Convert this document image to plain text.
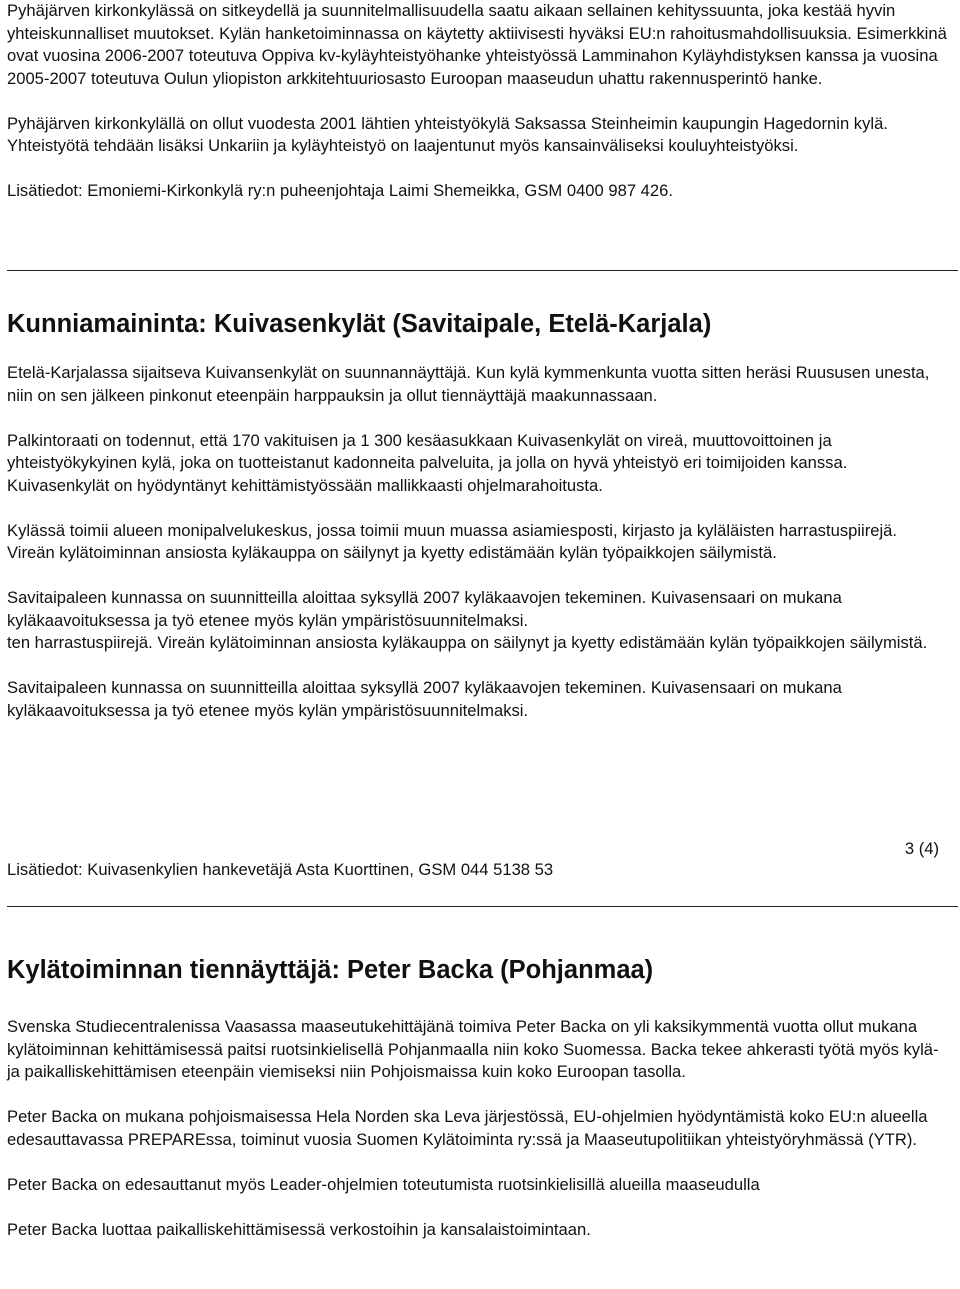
Pyhäjärven kirkonkylässä on sitkeydellä ja suunnitelmallisuudella saatu aikaan sellainen kehityssuunta, joka kestää hyvin yhteiskunnalliset muutokset. Kylän hanketoiminnassa on käytetty aktiivisesti hyväksi EU:n rahoitusmahdollisuuksia. Esimerkkinä ovat vuosina 2006-2007 toteutuva Oppiva kv-kyläyhteistyöhanke yhteistyössä Lamminahon Kyläyhdistyksen kanssa ja vuosina 2005-2007 toteutuva Oulun yliopiston arkkitehtuuriosasto Euroopan maaseudun uhattu rakennusperintö hanke.

Pyhäjärven kirkonkylällä on ollut vuodesta 2001 lähtien yhteistyökylä Saksassa Steinheimin kaupungin Hagedornin kylä. Yhteistyötä tehdään lisäksi Unkariin ja kyläyhteistyö on laajentunut myös kansainväliseksi kouluyhteistyöksi.

Lisätiedot: Emoniemi-Kirkonkylä ry:n puheenjohtaja Laimi Shemeikka, GSM 0400 987 426.

Kunniamaininta: Kuivasenkylät (Savitaipale, Etelä-Karjala)

Etelä-Karjalassa sijaitseva Kuivansenkylät on suunnannäyttäjä. Kun kylä kymmenkunta vuotta sitten heräsi Ruususen unesta, niin on sen jälkeen pinkonut eteenpäin harppauksin ja ollut tiennäyttäjä maakunnassaan.

Palkintoraati on todennut, että 170 vakituisen ja 1 300 kesäasukkaan Kuivasenkylät on vireä, muuttovoittoinen ja yhteistyökykyinen kylä, joka on tuotteistanut kadonneita palveluita, ja jolla on hyvä yhteistyö eri toimijoiden kanssa. Kuivasenkylät on hyödyntänyt kehittämistyössään mallikkaasti ohjelmarahoitusta.

Kylässä toimii alueen monipalvelukeskus, jossa toimii muun muassa asiamiesposti, kirjasto ja kyläläisten harrastuspiirejä. Vireän kylätoiminnan ansiosta kyläkauppa on säilynyt ja kyetty edistämään kylän työpaikkojen säilymistä.

Savitaipaleen kunnassa on suunnitteilla aloittaa syksyllä 2007 kyläkaavojen tekeminen. Kuivasensaari on mukana kyläkaavoituksessa ja työ etenee myös kylän ympäristösuunnitelmaksi.
ten harrastuspiirejä. Vireän kylätoiminnan ansiosta kyläkauppa on säilynyt ja kyetty edistämään kylän työpaikkojen säilymistä.

Savitaipaleen kunnassa on suunnitteilla aloittaa syksyllä 2007 kyläkaavojen tekeminen. Kuivasensaari on mukana kyläkaavoituksessa ja työ etenee myös kylän ympäristösuunnitelmaksi.

3 (4)
Lisätiedot: Kuivasenkylien hankevetäjä Asta Kuorttinen, GSM 044 5138 53
Kylätoiminnan tiennäyttäjä: Peter Backa (Pohjanmaa)

Svenska Studiecentralenissa Vaasassa maaseutukehittäjänä toimiva Peter Backa on yli kaksikymmentä vuotta ollut mukana kylätoiminnan kehittämisessä paitsi ruotsinkielisellä Pohjanmaalla niin koko Suomessa. Backa tekee ahkerasti työtä myös kylä- ja paikalliskehittämisen eteenpäin viemiseksi niin Pohjoismaissa kuin koko Euroopan tasolla.

Peter Backa on mukana pohjoismaisessa Hela Norden ska Leva järjestössä, EU-ohjelmien hyödyntämistä koko EU:n alueella edesauttavassa PREPAREssa, toiminut vuosia Suomen Kylätoiminta ry:ssä ja Maaseutupolitiikan yhteistyöryhmässä (YTR).

Peter Backa on edesauttanut myös Leader-ohjelmien toteutumista ruotsinkielisillä alueilla maaseudulla

Peter Backa luottaa paikalliskehittämisessä verkostoihin ja kansalaistoimintaan.
